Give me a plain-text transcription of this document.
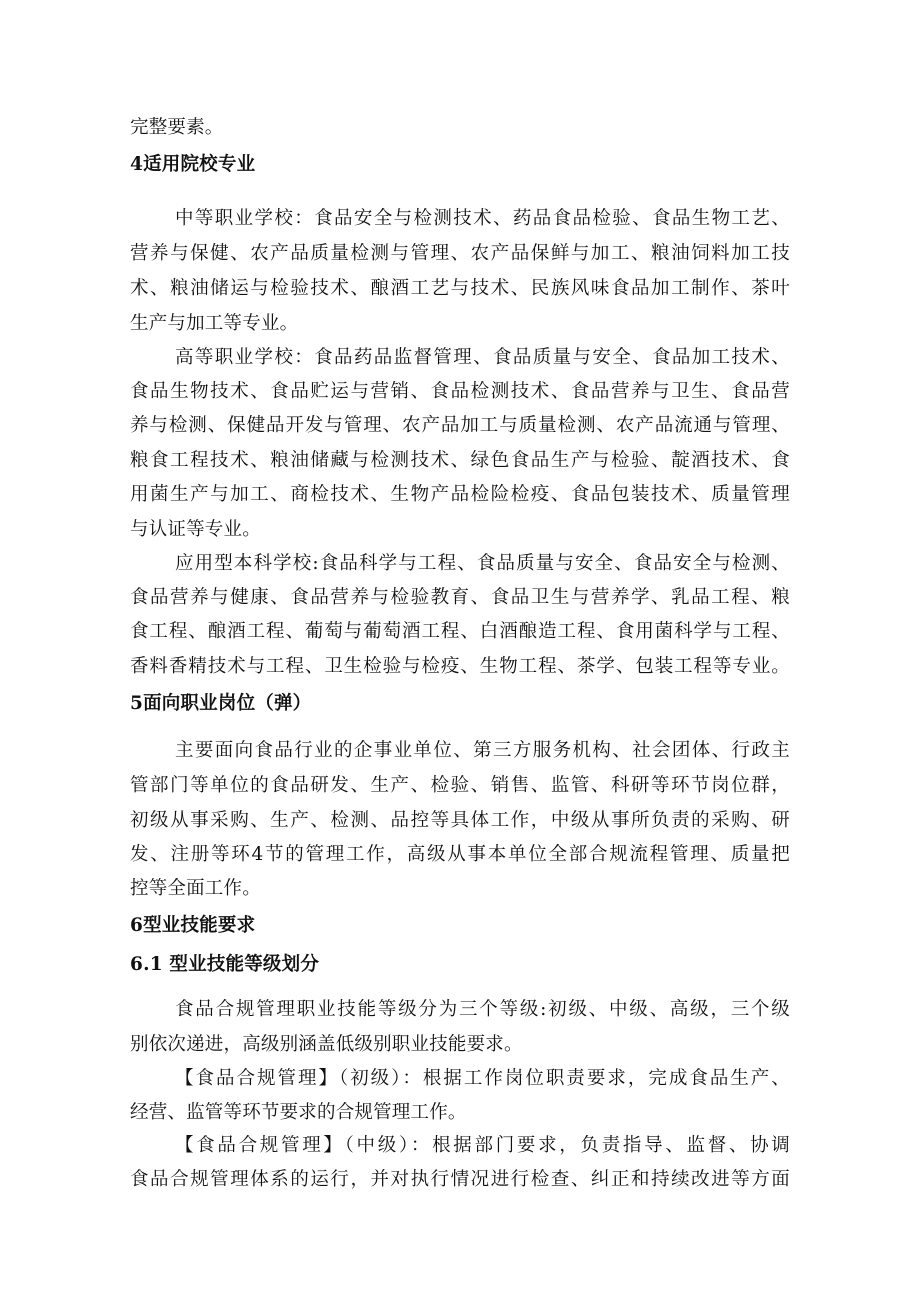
完整要素。
4适用院校专业
中等职业学校：食品安全与检测技术、药品食品检验、食品生物工艺、
营养与保健、农产品质量检测与管理、农产品保鲜与加工、粮油饲料加工技
术、粮油储运与检验技术、酿酒工艺与技术、民族风味食品加工制作、茶叶
生产与加工等专业。
高等职业学校：食品药品监督管理、食品质量与安全、食品加工技术、
食品生物技术、食品贮运与营销、食品检测技术、食品营养与卫生、食品营
养与检测、保健品开发与管理、农产品加工与质量检测、农产品流通与管理、
粮食工程技术、粮油储藏与检测技术、绿色食品生产与检验、靛酒技术、食
用菌生产与加工、商检技术、生物产品检险检疫、食品包装技术、质量管理
与认证等专业。
应用型本科学校:食品科学与工程、食品质量与安全、食品安全与检测、
食品营养与健康、食品营养与检验教育、食品卫生与营养学、乳品工程、粮
食工程、酿酒工程、葡萄与葡萄酒工程、白酒酿造工程、食用菌科学与工程、
香料香精技术与工程、卫生检验与检疫、生物工程、茶学、包装工程等专业。
5面向职业岗位（弹）
主要面向食品行业的企事业单位、第三方服务机构、社会团体、行政主
管部门等单位的食品研发、生产、检验、销售、监管、科研等环节岗位群，
初级从事采购、生产、检测、品控等具体工作，中级从事所负责的采购、研
发、注册等环4节的管理工作，高级从事本单位全部合规流程管理、质量把
控等全面工作。
6型业技能要求
6.1 型业技能等级划分
食品合规管理职业技能等级分为三个等级:初级、中级、高级，三个级
别依次递进，高级别涵盖低级别职业技能要求。
【食品合规管理】（初级）：根据工作岗位职责要求，完成食品生产、
经营、监管等环节要求的合规管理工作。
【食品合规管理】（中级）：根据部门要求，负责指导、监督、协调
食品合规管理体系的运行，并对执行情况进行检查、纠正和持续改进等方面
